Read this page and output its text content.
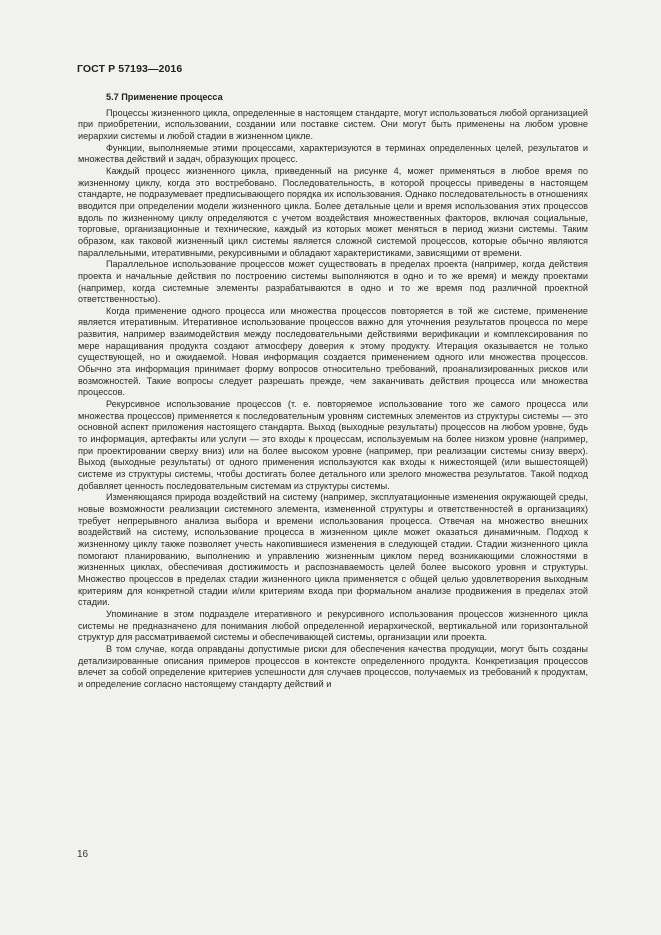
ГОСТ Р 57193—2016
5.7 Применение процесса

Процессы жизненного цикла, определенные в настоящем стандарте, могут использоваться любой организацией при приобретении, использовании, создании или поставке систем. Они могут быть применены на любом уровне иерархии системы и любой стадии в жизненном цикле.

Функции, выполняемые этими процессами, характеризуются в терминах определенных целей, результатов и множества действий и задач, образующих процесс.

Каждый процесс жизненного цикла, приведенный на рисунке 4, может применяться в любое время по жизненному циклу, когда это востребовано. Последовательность, в которой процессы приведены в настоящем стандарте, не подразумевает предписывающего порядка их использования. Однако последовательность в отношениях вводится при определении модели жизненного цикла. Более детальные цели и время использования этих процессов вдоль по жизненному циклу определяются с учетом воздействия множественных факторов, включая социальные, торговые, организационные и технические, каждый из которых может меняться в период жизни системы. Таким образом, как таковой жизненный цикл системы является сложной системой процессов, которые обычно являются параллельными, итеративными, рекурсивными и обладают характеристиками, зависящими от времени.

Параллельное использование процессов может существовать в пределах проекта (например, когда действия проекта и начальные действия по построению системы выполняются в одно и то же время) и между проектами (например, когда системные элементы разрабатываются в одно и то же время под различной проектной ответственностью).

Когда применение одного процесса или множества процессов повторяется в той же системе, применение является итеративным. Итеративное использование процессов важно для уточнения результатов процесса по мере развития, например взаимодействия между последовательными действиями верификации и комплексирования по мере наращивания продукта создают атмосферу доверия к этому продукту. Итерация оказывается не только существующей, но и ожидаемой. Новая информация создается применением одного или множества процессов. Обычно эта информация принимает форму вопросов относительно требований, проанализированных рисков или возможностей. Такие вопросы следует разрешать прежде, чем заканчивать действия процесса или множества процессов.

Рекурсивное использование процессов (т. е. повторяемое использование того же самого процесса или множества процессов) применяется к последовательным уровням системных элементов из структуры системы — это основной аспект приложения настоящего стандарта. Выход (выходные результаты) процессов на любом уровне, будь то информация, артефакты или услуги — это входы к процессам, используемым на более низком уровне (например, при проектировании сверху вниз) или на более высоком уровне (например, при реализации системы снизу вверх). Выход (выходные результаты) от одного применения используются как входы к нижестоящей (или вышестоящей) системе из структуры системы, чтобы достигать более детального или зрелого множества результатов. Такой подход добавляет ценность последовательным системам из структуры системы.

Изменяющаяся природа воздействий на систему (например, эксплуатационные изменения окружающей среды, новые возможности реализации системного элемента, измененной структуры и ответственностей в организациях) требует непрерывного анализа выбора и времени использования процесса. Отвечая на множество внешних воздействий на систему, использование процесса в жизненном цикле может оказаться динамичным. Подход к жизненному циклу также позволяет учесть накопившиеся изменения в следующей стадии. Стадии жизненного цикла помогают планированию, выполнению и управлению жизненным циклом перед возникающими сложностями в жизненных циклах, обеспечивая достижимость и распознаваемость целей более высокого уровня и структуры. Множество процессов в пределах стадии жизненного цикла применяется с общей целью удовлетворения выходным критериям для конкретной стадии и/или критериям входа при формальном анализе продвижения в пределах этой стадии.

Упоминание в этом подразделе итеративного и рекурсивного использования процессов жизненного цикла системы не предназначено для понимания любой определенной иерархической, вертикальной или горизонтальной структур для рассматриваемой системы и обеспечивающей системы, организации или проекта.

В том случае, когда оправданы допустимые риски для обеспечения качества продукции, могут быть созданы детализированные описания примеров процессов в контексте определенного продукта. Конкретизация процессов влечет за собой определение критериев успешности для случаев процессов, получаемых из требований к продуктам, и определение согласно настоящему стандарту действий и

16
